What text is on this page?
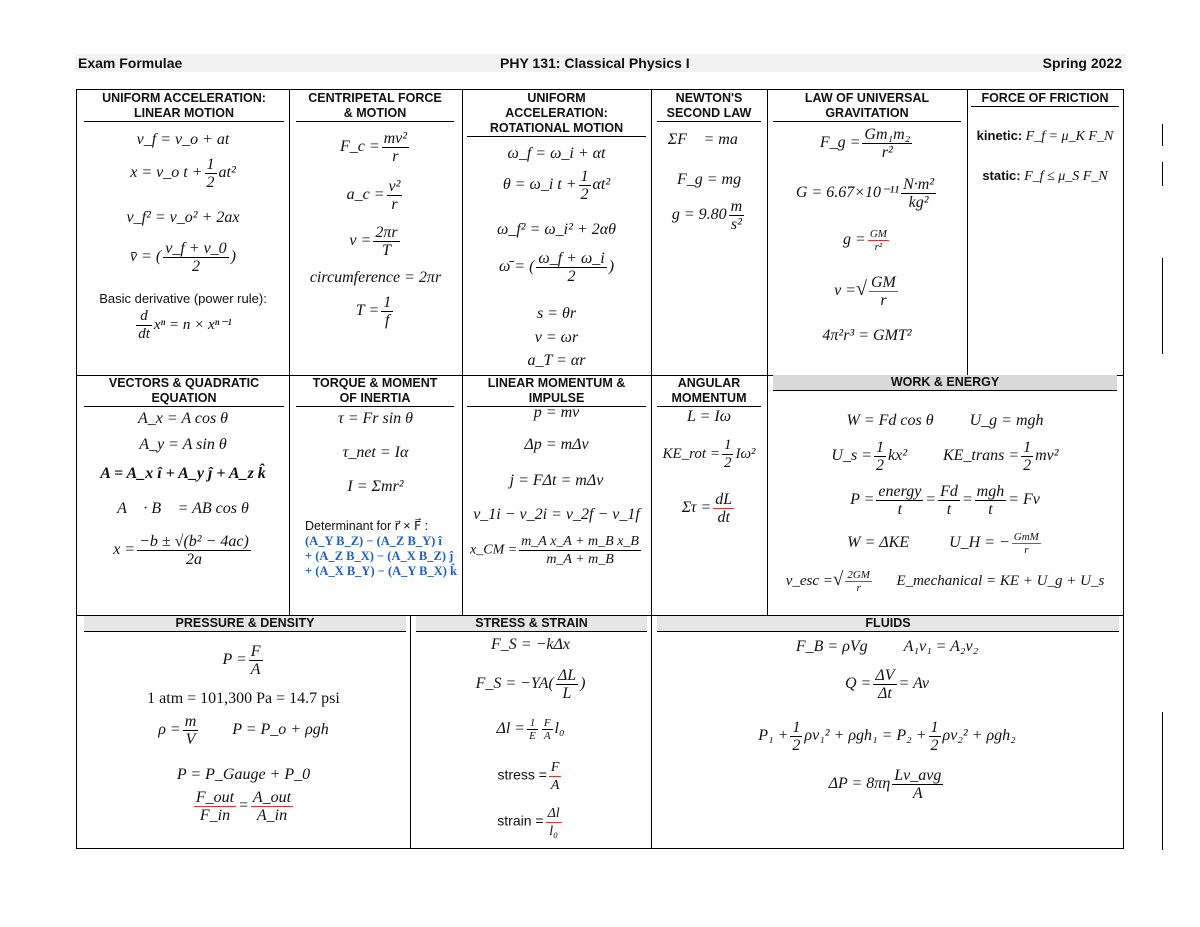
Exam Formulae	PHY 131: Classical Physics I	Spring 2022
UNIFORM ACCELERATION:
LINEAR MOTION
v_f = v_o + at
x = v_o $t + \frac{1}{2} at^2$
v_f² = v_o² + 2ax
v̄ = ( $\frac{v\_f + v\_0}{2}$ )
Basic derivative (power rule):
$\frac{d}{dt}$ xⁿ = n × xⁿ⁻¹
CENTRIPETAL FORCE
& MOTION
F_c = $\frac{\text{mv²}}{r}$
a_c = $\frac{\text{v²}}{r}$
$v = \frac{2\pi r}{T}$
circumference = 2πr
$T = \frac{1}{f}$
UNIFORM
ACCELERATION:
ROTATIONAL MOTION
ω_f = ω_i + αt
θ = ω_i $t + \frac{1}{2} \alpha t^2$
ω_f² = ω_i² + 2αθ
ω̄ = ( $\frac{\omega\_f + \omega\_i}{2}$ )
s = θr
v = ωr
a_T = αr
NEWTON'S
SECOND LAW
ΣF⃗ = ma⃗
F_g = mg
$g = 9.80 \frac{m}{\text{s²}}$
LAW OF UNIVERSAL
GRAVITATION
F_g = $\frac{\text{Gm₁m₂}}{\text{r²}}$
$G = 6.67\times 10^{-11} \frac{\text{N·m²}}{\text{kg²}}$
$g = \frac{GM}{\text{r²}}$
v =√ $\frac{GM}{r}$
4π²r³ = GMT²
FORCE OF FRICTION
kinetic: F_f = μ_K F_N
static: F_f ≤ μ_S F_N
VECTORS & QUADRATIC
EQUATION
A_x = A cos θ
A_y = A sin θ
A = A_x î + A_y ĵ + A_z k̂
A⃗ · B⃗ = AB cos θ
$x = \frac{\text{−b ± √(b² − 4ac)}}{2a}$
TORQUE & MOMENT
OF INERTIA
τ = Fr sin θ
τ_net = Iα
I = Σmr²
Determinant for r⃗ × F⃗ :
(A_Y B_Z) − (A_Z B_Y) î
+ (A_Z B_X) − (A_X B_Z) ĵ
+ (A_X B_Y) − (A_Y B_X) k̂
LINEAR MOMENTUM &
IMPULSE
p = mv
Δp = mΔv
j = FΔt = mΔv
v_1i − v_2i = v_2f − v_1f
x_CM = $\frac{\text{m\_A x\_A + m\_B x\_B}}{m\_A + m\_B}$
ANGULAR
MOMENTUM
L = Iω
KE_rot = $\frac{1}{2} I\omega^2$
$\Sigma\tau = \frac{dL}{dt}$
WORK & ENERGY
W = Fd cos θ U_g = mgh
U_s = $\frac{1}{2} kx^2$ KE_trans = $\frac{1}{2} mv^2$
$P = \frac{\text{energy}}{t} = \frac{Fd}{t} = \frac{\text{mgh}}{t} = Fv$
W = ΔKE	U_H = − $\frac{\text{GmM}}{r}$
v_esc =√ $\frac{2GM}{r}$ E_mechanical = KE + U_g + U_s
PRESSURE & DENSITY
$P = \frac{F}{A}$
1 atm = 101,300 Pa = 14.7 psi
$\rho = \frac{m}{V}$ P = P_o + ρgh
P = P_Gauge + P_0
$\frac{\text{F\_out}}{F\_in} = \frac{\text{A\_out}}{A\_in}$
STRESS & STRAIN
F_S = −kΔx
F_S = $-YA( \frac{\Delta L}{L}$ )
$\Delta l = \frac{1}{E} \frac{F}{A} l_0$
stress = $\frac{F}{A}$
strain = $\frac{\Delta l}{\text{l₀}}$
FLUIDS
F_B = ρVg A₁v₁ = A₂v₂
$Q = \frac{\Delta V}{\Delta t} = Av$
$P_1 + \frac{1}{2} \rho v_1^2 + \rho gh_1 = P_2 + \frac{1}{2} \rho v_2^2 + \rho gh_2$
$\Delta P = 8\pi\eta \frac{\text{Lv\_avg}}{A}$
